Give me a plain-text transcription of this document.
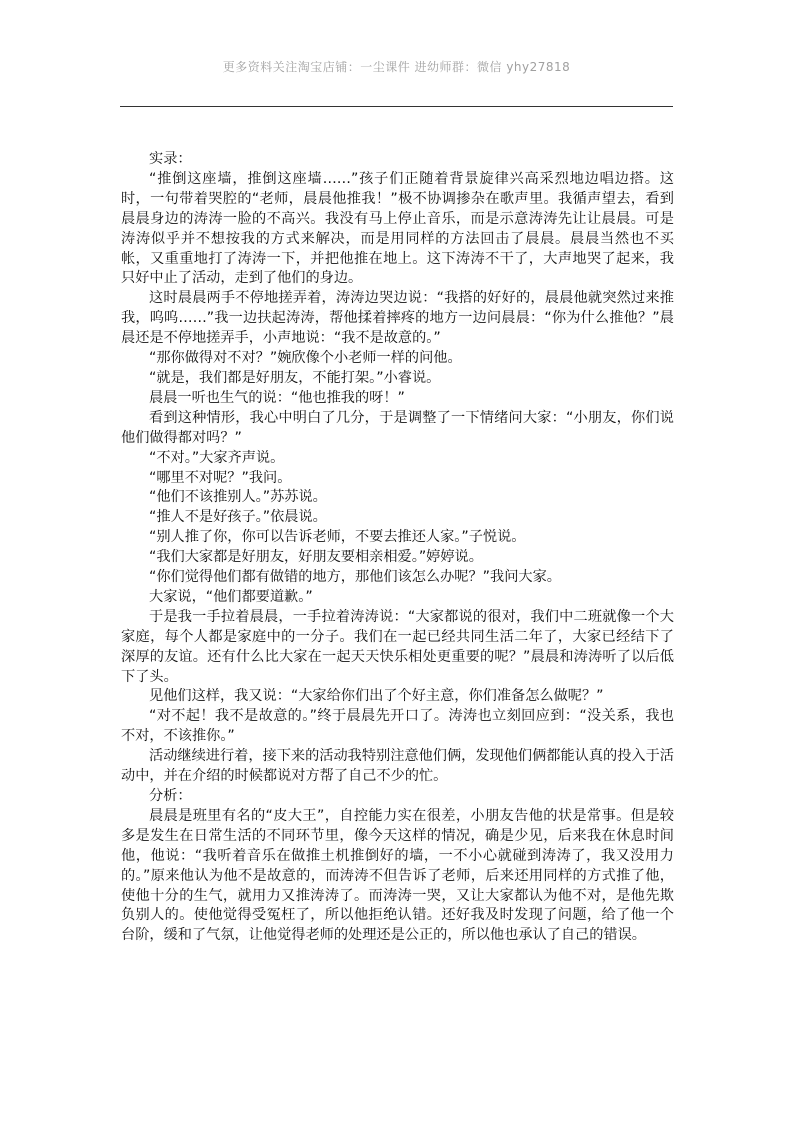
更多资料关注淘宝店铺：一尘课件 进幼师群：微信 yhy27818

实录：

“推倒这座墙，推倒这座墙……”孩子们正随着背景旋律兴高采烈地边唱边搭。这时，一句带着哭腔的“老师，晨晨他推我！”极不协调掺杂在歌声里。我循声望去，看到晨晨身边的涛涛一脸的不高兴。我没有马上停止音乐，而是示意涛涛先让让晨晨。可是涛涛似乎并不想按我的方式来解决，而是用同样的方法回击了晨晨。晨晨当然也不买帐，又重重地打了涛涛一下，并把他推在地上。这下涛涛不干了，大声地哭了起来，我只好中止了活动，走到了他们的身边。

这时晨晨两手不停地搓弄着，涛涛边哭边说：“我搭的好好的，晨晨他就突然过来推我，呜呜……”我一边扶起涛涛，帮他揉着摔疼的地方一边问晨晨：“你为什么推他？”晨晨还是不停地搓弄手，小声地说：“我不是故意的。”

“那你做得对不对？”婉欣像个小老师一样的问他。

“就是，我们都是好朋友，不能打架。”小睿说。

晨晨一听也生气的说：“他也推我的呀！”

看到这种情形，我心中明白了几分，于是调整了一下情绪问大家：“小朋友，你们说他们做得都对吗？”

“不对。”大家齐声说。

“哪里不对呢？”我问。

“他们不该推别人。”苏苏说。

“推人不是好孩子。”依晨说。

“别人推了你，你可以告诉老师，不要去推还人家。”子悦说。

“我们大家都是好朋友，好朋友要相亲相爱。”婷婷说。

“你们觉得他们都有做错的地方，那他们该怎么办呢？”我问大家。

大家说，“他们都要道歉。”

于是我一手拉着晨晨，一手拉着涛涛说：“大家都说的很对，我们中二班就像一个大家庭，每个人都是家庭中的一分子。我们在一起已经共同生活二年了，大家已经结下了深厚的友谊。还有什么比大家在一起天天快乐相处更重要的呢？”晨晨和涛涛听了以后低下了头。

见他们这样，我又说：“大家给你们出了个好主意，你们准备怎么做呢？”

“对不起！我不是故意的。”终于晨晨先开口了。涛涛也立刻回应到：“没关系，我也不对，不该推你。”

活动继续进行着，接下来的活动我特别注意他们俩，发现他们俩都能认真的投入于活动中，并在介绍的时候都说对方帮了自己不少的忙。

分析：

晨晨是班里有名的“皮大王”，自控能力实在很差，小朋友告他的状是常事。但是较多是发生在日常生活的不同环节里，像今天这样的情况，确是少见，后来我在休息时间他，他说：“我听着音乐在做推土机推倒好的墙，一不小心就碰到涛涛了，我又没用力的。”原来他认为他不是故意的，而涛涛不但告诉了老师，后来还用同样的方式推了他，使他十分的生气，就用力又推涛涛了。而涛涛一哭，又让大家都认为他不对，是他先欺负别人的。使他觉得受冤枉了，所以他拒绝认错。还好我及时发现了问题，给了他一个台阶，缓和了气氛，让他觉得老师的处理还是公正的，所以他也承认了自己的错误。
